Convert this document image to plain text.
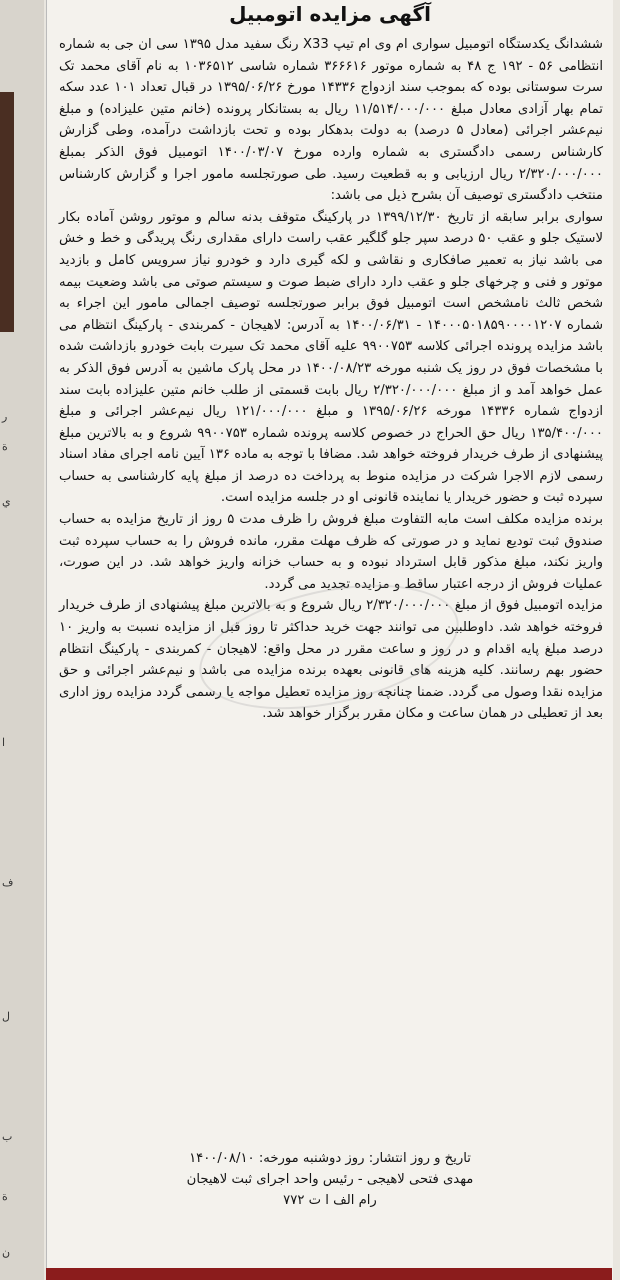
ر
ة
ي
ا
ف
ل
ب
ة
ن
آگهی مزایده اتومبیل

ششدانگ یکدستگاه اتومبیل سواری ام وی ام تیپ X33 رنگ سفید مدل ۱۳۹۵ سی ان جی به شماره انتظامی ۵۶ - ۱۹۲ ج ۴۸ به شماره موتور ۳۶۶۶۱۶ شماره شاسی ۱۰۳۶۵۱۲ به نام آقای محمد تک سرت سوستانی بوده که بموجب سند ازدواج ۱۴۳۳۶ مورخ ۱۳۹۵/۰۶/۲۶ در قبال تعداد ۱۰۱ عدد سکه تمام بهار آزادی معادل مبلغ ۱۱/۵۱۴/۰۰۰/۰۰۰ ریال به بستانکار پرونده (خانم متین علیزاده) و مبلغ نیم‌عشر اجرائی (معادل ۵ درصد) به دولت بدهکار بوده و تحت بازداشت درآمده، وطی گزارش کارشناس رسمی دادگستری به شماره وارده مورخ ۱۴۰۰/۰۳/۰۷ اتومبیل فوق الذکر بمبلغ ۲/۳۲۰/۰۰۰/۰۰۰ ریال ارزیابی و به قطعیت رسید. طی صورتجلسه مامور اجرا و گزارش کارشناس منتخب دادگستری توصیف آن بشرح ذیل می باشد:

سواری برابر سابقه از تاریخ ۱۳۹۹/۱۲/۳۰ در پارکینگ متوقف بدنه سالم و موتور روشن آماده بکار لاستیک جلو و عقب ۵۰ درصد سپر جلو گلگیر عقب راست دارای مقداری رنگ پریدگی و خط و خش می باشد نیاز به تعمیر صافکاری و نقاشی و لکه گیری دارد و خودرو نیاز سرویس کامل و بازدید موتور و فنی و چرخهای جلو و عقب دارد دارای ضبط صوت و سیستم صوتی می باشد وضعیت بیمه شخص ثالث نامشخص است اتومبیل فوق برابر صورتجلسه توصیف اجمالی مامور این اجراء به شماره ۱۴۰۰۰۵۰۱۸۵۹۰۰۰۰۱۲۰۷ - ۱۴۰۰/۰۶/۳۱ به آدرس: لاهیجان - کمربندی - پارکینگ انتظام می باشد مزایده پرونده اجرائی کلاسه ۹۹۰۰۷۵۳ علیه آقای محمد تک سیرت بابت خودرو بازداشت شده با مشخصات فوق در روز یک شنبه مورخه ۱۴۰۰/۰۸/۲۳ در محل پارک ماشین به آدرس فوق الذکر به عمل خواهد آمد و از مبلغ ۲/۳۲۰/۰۰۰/۰۰۰ ریال بابت قسمتی از طلب خانم متین علیزاده بابت سند ازدواج شماره ۱۴۳۳۶ مورخه ۱۳۹۵/۰۶/۲۶ و مبلغ ۱۲۱/۰۰۰/۰۰۰ ریال نیم‌عشر اجرائی و مبلغ ۱۳۵/۴۰۰/۰۰۰ ریال حق الحراج در خصوص کلاسه پرونده شماره ۹۹۰۰۷۵۳ شروع و به بالاترین مبلغ پیشنهادی از طرف خریدار فروخته خواهد شد. مضافا با توجه به ماده ۱۳۶ آیین نامه اجرای مفاد اسناد رسمی لازم الاجرا شرکت در مزایده منوط به پرداخت ده درصد از مبلغ پایه کارشناسی به حساب سپرده ثبت و حضور خریدار یا نماینده قانونی او در جلسه مزایده است.

برنده مزایده مکلف است مابه التفاوت مبلغ فروش را ظرف مدت ۵ روز از تاریخ مزایده به حساب صندوق ثبت تودیع نماید و در صورتی که ظرف مهلت مقرر، مانده فروش را به حساب سپرده ثبت واریز نکند، مبلغ مذکور قابل استرداد نبوده و به حساب خزانه واریز خواهد شد. در این صورت، عملیات فروش از درجه اعتبار ساقط و مزایده تجدید می گردد.

مزایده اتومبیل فوق از مبلغ ۲/۳۲۰/۰۰۰/۰۰۰ ریال شروع و به بالاترین مبلغ پیشنهادی از طرف خریدار فروخته خواهد شد. داوطلبین می توانند جهت خرید حداکثر تا روز قبل از مزایده نسبت به واریز ۱۰ درصد مبلغ پایه اقدام و در روز و ساعت مقرر در محل واقع: لاهیجان - کمربندی - پارکینگ انتظام حضور بهم رسانند. کلیه هزینه های قانونی بعهده برنده مزایده می باشد و نیم‌عشر اجرائی و حق مزایده نقدا وصول می گردد. ضمنا چنانچه روز مزایده تعطیل مواجه یا رسمی گردد مزایده روز اداری بعد از تعطیلی در همان ساعت و مکان مقرر برگزار خواهد شد.

تاریخ و روز انتشار: روز دوشنبه مورخه: ۱۴۰۰/۰۸/۱۰
مهدی فتحی لاهیجی - رئیس واحد اجرای ثبت لاهیجان
رام الف ا ت ۷۷۲
